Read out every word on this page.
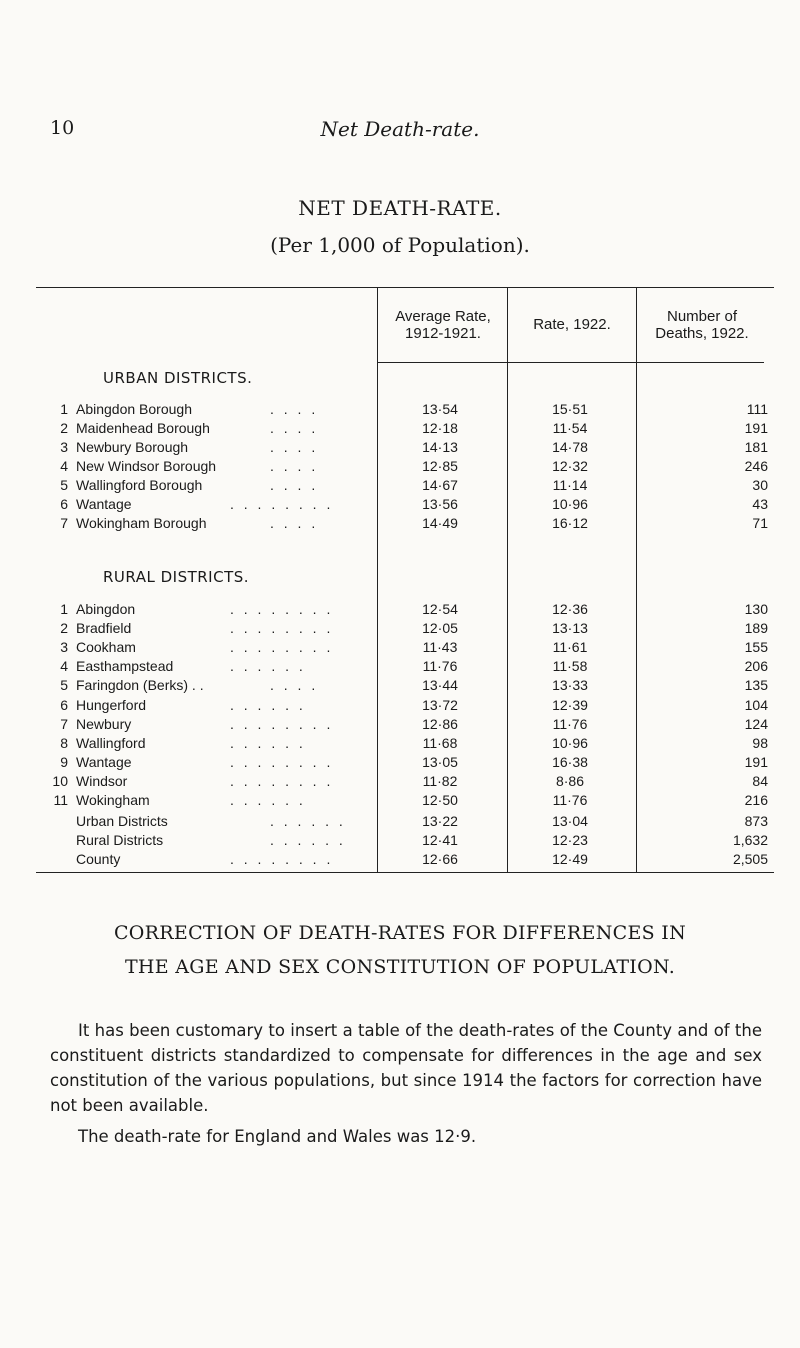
10	Net Death-rate.
NET DEATH-RATE.
(Per 1,000 of Population).
Average Rate, 1912-1921.
Rate, 1922.	Number of Deaths, 1922.
URBAN DISTRICTS.
1 Abingdon Borough	. . . .	13·54	15·51	111
2 Maidenhead Borough	. . . .	12·18	11·54	191
3 Newbury Borough	. . . .	14·13	14·78	181
4 New Windsor Borough	. . . .	12·85	12·32	246
5 Wallingford Borough	. . . .	14·67	11·14	30
6 Wantage	. . . . . . . .	13·56	10·96	43
7 Wokingham Borough	. . . .	14·49	16·12	71
RURAL DISTRICTS.
1 Abingdon	. . . . . . . .	12·54	12·36	130
2 Bradfield	. . . . . . . .	12·05	13·13	189
3 Cookham	. . . . . . . .	11·43	11·61	155
4 Easthampstead	. . . . . .	11·76	11·58	206
5 Faringdon (Berks) . .	. . . .	13·44	13·33	135
6 Hungerford	. . . . . .	13·72	12·39	104
7 Newbury	. . . . . . . .	12·86	11·76	124
8 Wallingford	. . . . . .	11·68	10·96	98
9 Wantage	. . . . . . . .	13·05	16·38	191
10 Windsor	. . . . . . . .	11·82	8·86	84
11 Wokingham	. . . . . .	12·50	11·76	216
Urban Districts	. . . . . .	13·22	13·04	873
Rural Districts	. . . . . .	12·41	12·23	1,632
County	. . . . . . . .	12·66	12·49	2,505
CORRECTION OF DEATH-RATES FOR DIFFERENCES IN
THE AGE AND SEX CONSTITUTION OF POPULATION.
It has been customary to insert a table of the death-rates of the County and of the constituent districts standardized to compensate for differences in the age and sex constitution of the various populations, but since 1914 the factors for correction have not been available.
The death-rate for England and Wales was 12·9.
